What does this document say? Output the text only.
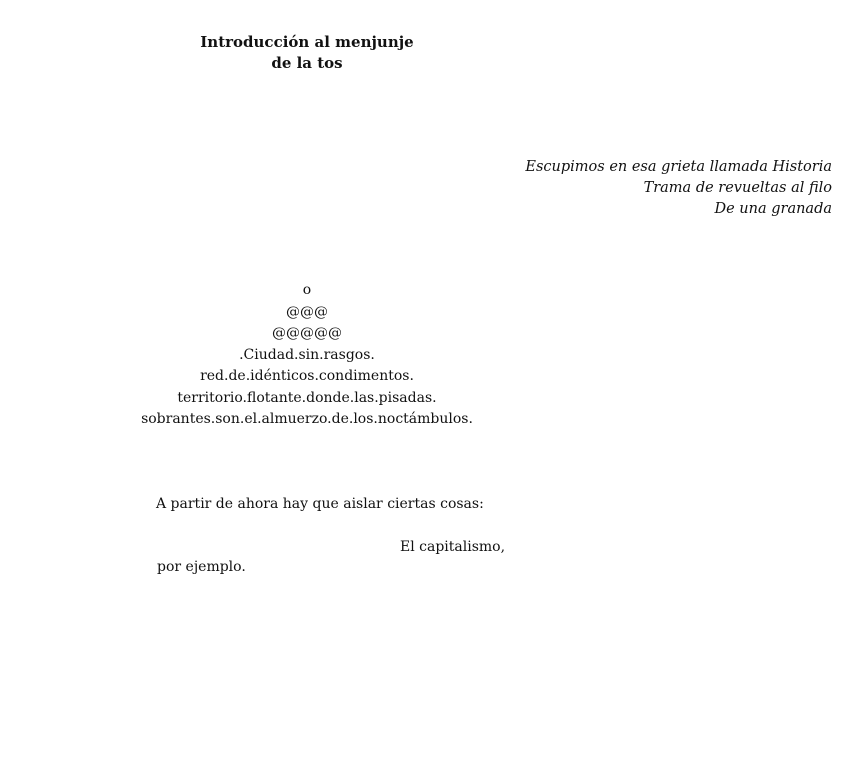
Introducción al menjunje
de la tos
Escupimos en esa grieta llamada Historia
Trama de revueltas al filo
De una granada
o
@@@
@@@@@
.Ciudad.sin.rasgos.
red.de.idénticos.condimentos.
territorio.flotante.donde.las.pisadas.
sobrantes.son.el.almuerzo.de.los.noctámbulos.
A partir de ahora hay que aislar ciertas cosas:
El capitalismo,
por ejemplo.
